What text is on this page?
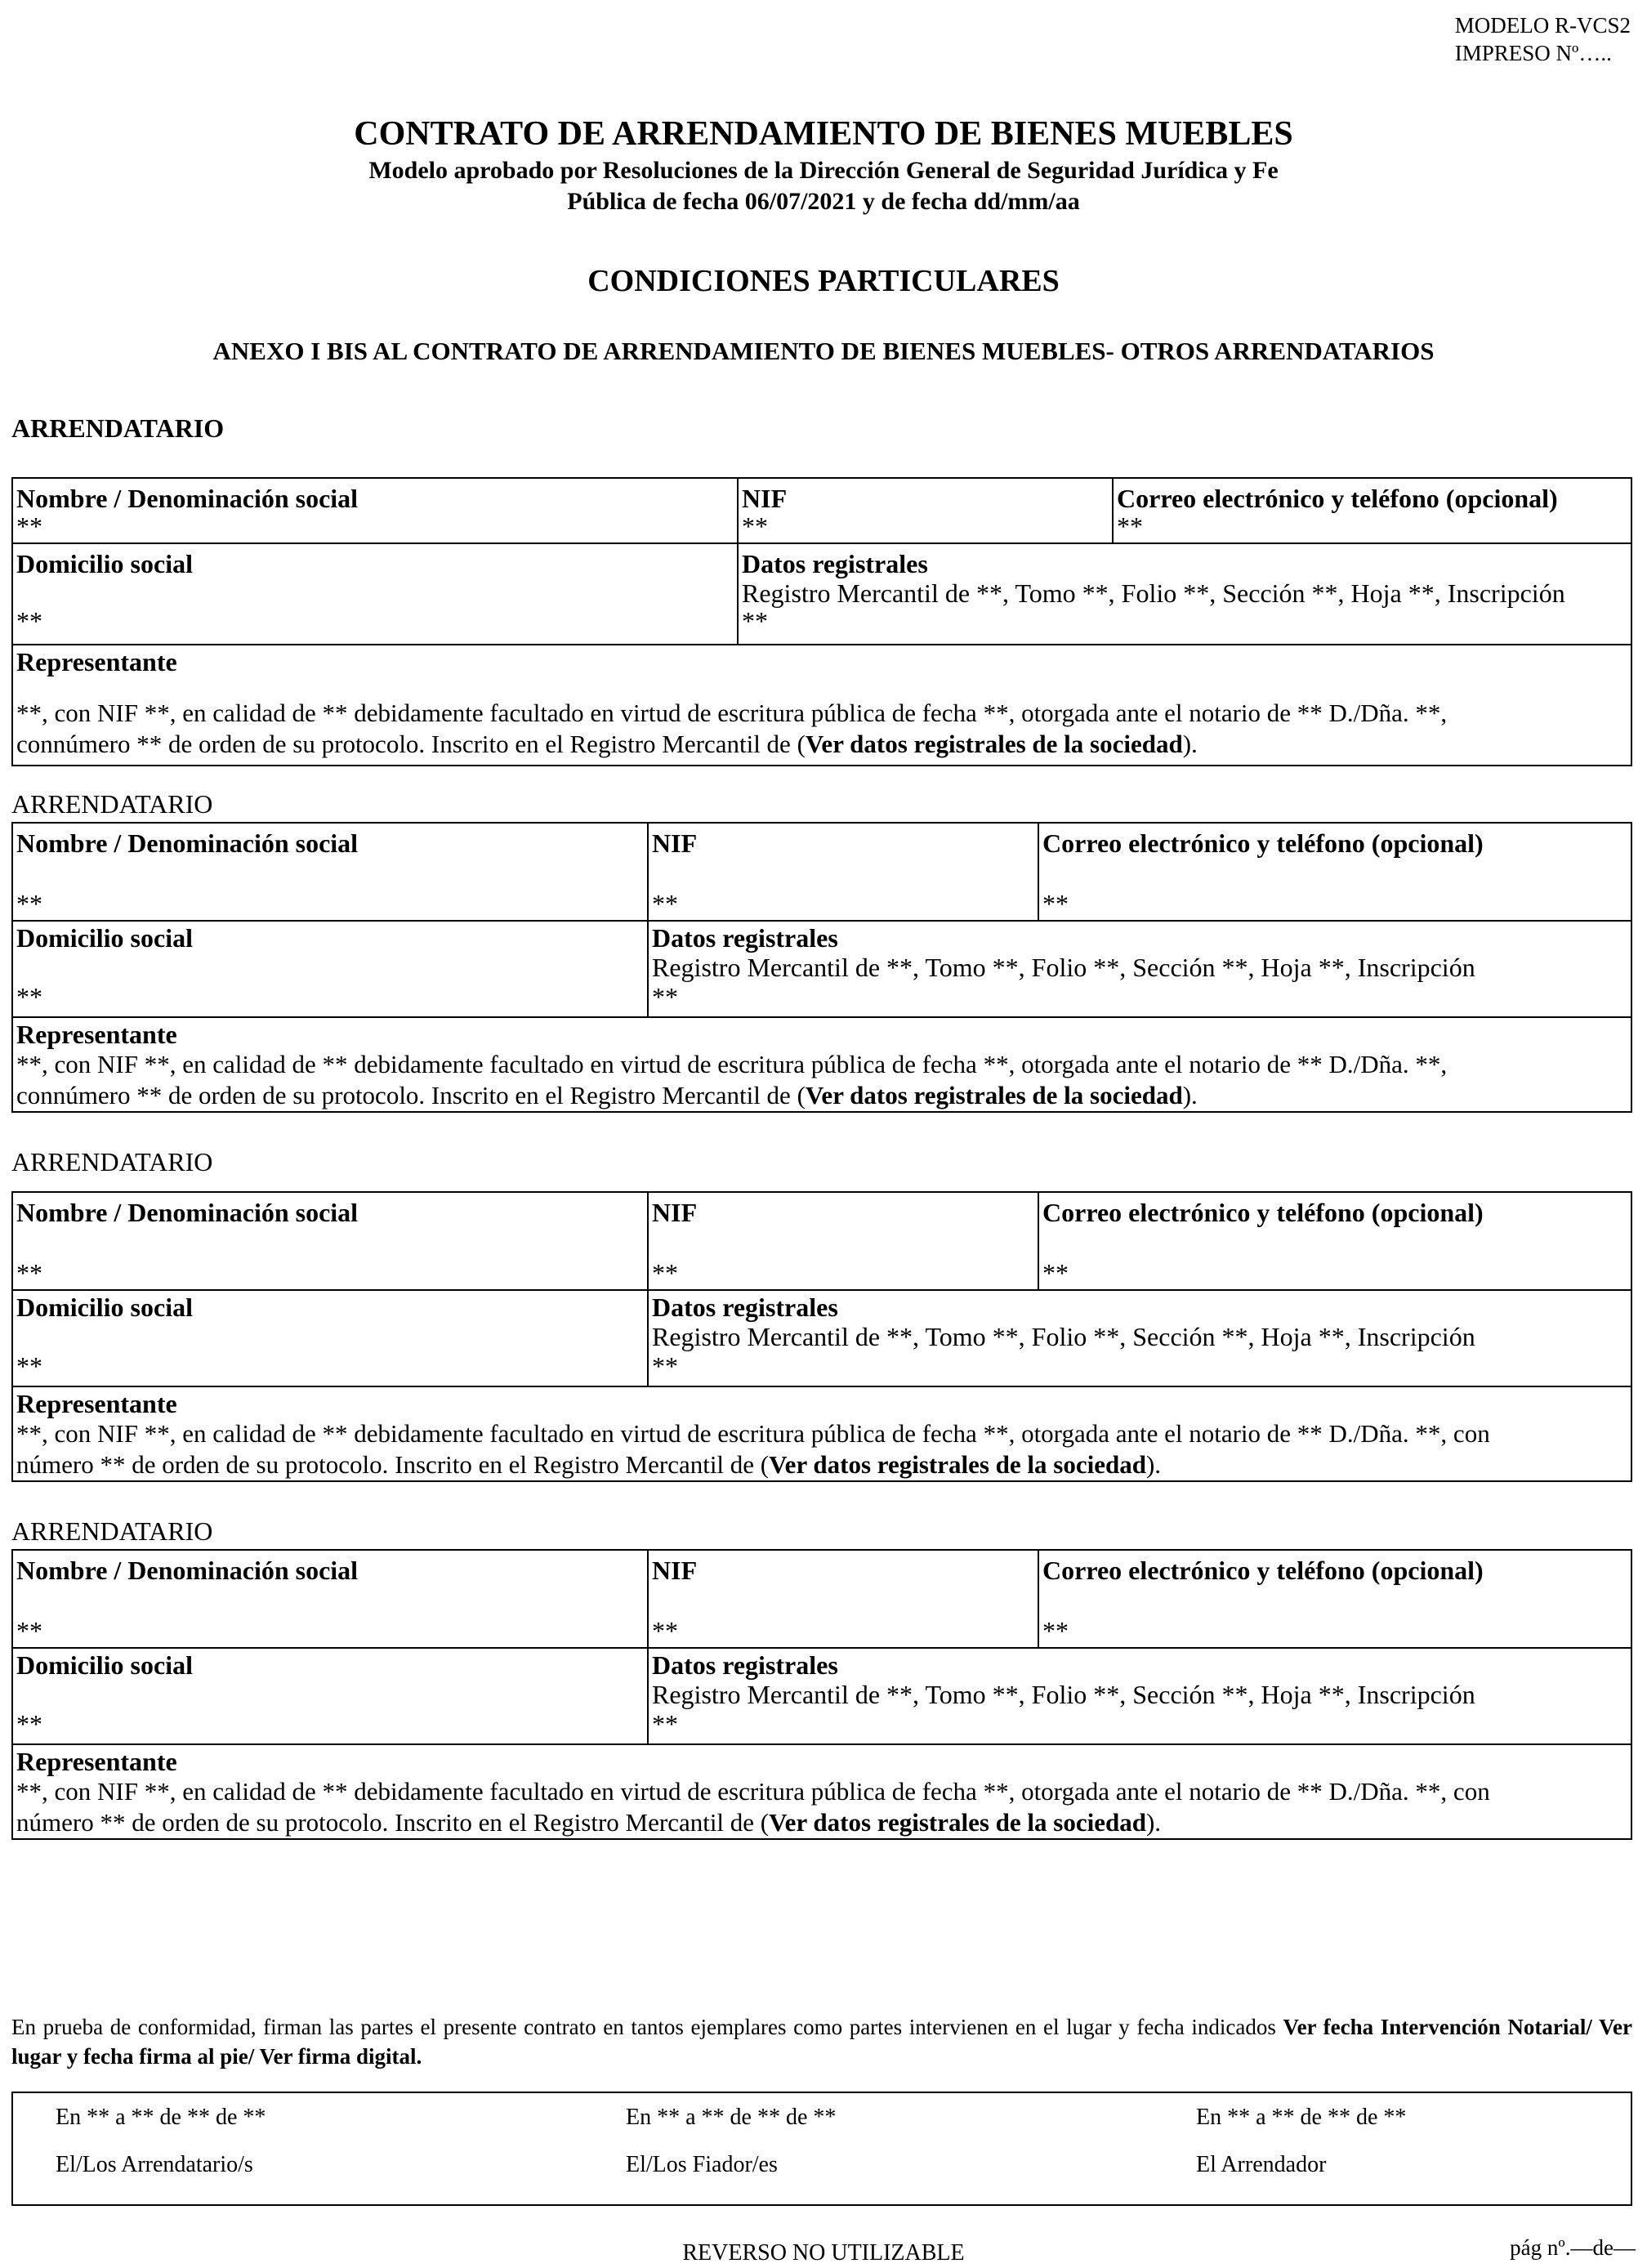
MODELO R-VCS2
IMPRESO Nº…..
CONTRATO DE ARRENDAMIENTO DE BIENES MUEBLES
Modelo aprobado por Resoluciones de la Dirección General de Seguridad Jurídica y Fe Pública de fecha 06/07/2021 y de fecha dd/mm/aa
CONDICIONES PARTICULARES
ANEXO I BIS AL CONTRATO DE ARRENDAMIENTO DE BIENES MUEBLES- OTROS ARRENDATARIOS
ARRENDATARIO
Nombre / Denominación social
**
NIF
**
Correo electrónico y teléfono (opcional)
**
Domicilio social
**
Datos registrales
Registro Mercantil de **, Tomo **, Folio **, Sección **, Hoja **, Inscripción
**
Representante
**, con NIF **, en calidad de ** debidamente facultado en virtud de escritura pública de fecha **, otorgada ante el notario de ** D./Dña. **,
connúmero ** de orden de su protocolo. Inscrito en el Registro Mercantil de (Ver datos registrales de la sociedad).
ARRENDATARIO
Nombre / Denominación social
**
NIF
**
Correo electrónico y teléfono (opcional)
**
Domicilio social
**
Datos registrales
Registro Mercantil de **, Tomo **, Folio **, Sección **, Hoja **, Inscripción
**
Representante
**, con NIF **, en calidad de ** debidamente facultado en virtud de escritura pública de fecha **, otorgada ante el notario de ** D./Dña. **,
connúmero ** de orden de su protocolo. Inscrito en el Registro Mercantil de (Ver datos registrales de la sociedad).
ARRENDATARIO
Nombre / Denominación social
**
NIF
**
Correo electrónico y teléfono (opcional)
**
Domicilio social
**
Datos registrales
Registro Mercantil de **, Tomo **, Folio **, Sección **, Hoja **, Inscripción
**
Representante
**, con NIF **, en calidad de ** debidamente facultado en virtud de escritura pública de fecha **, otorgada ante el notario de ** D./Dña. **, con
número ** de orden de su protocolo. Inscrito en el Registro Mercantil de (Ver datos registrales de la sociedad).
ARRENDATARIO
Nombre / Denominación social
**
NIF
**
Correo electrónico y teléfono (opcional)
**
Domicilio social
**
Datos registrales
Registro Mercantil de **, Tomo **, Folio **, Sección **, Hoja **, Inscripción
**
Representante
**, con NIF **, en calidad de ** debidamente facultado en virtud de escritura pública de fecha **, otorgada ante el notario de ** D./Dña. **, con
número ** de orden de su protocolo. Inscrito en el Registro Mercantil de (Ver datos registrales de la sociedad).
En prueba de conformidad, firman las partes el presente contrato en tantos ejemplares como partes intervienen en el lugar y fecha indicados Ver fecha Intervención Notarial/ Ver lugar y fecha firma al pie/ Ver firma digital.
En ** a ** de ** de **
El/Los Arrendatario/s
En ** a ** de ** de **
El/Los Fiador/es
En ** a ** de ** de **
El Arrendador
REVERSO NO UTILIZABLE	pág nº.—de—
